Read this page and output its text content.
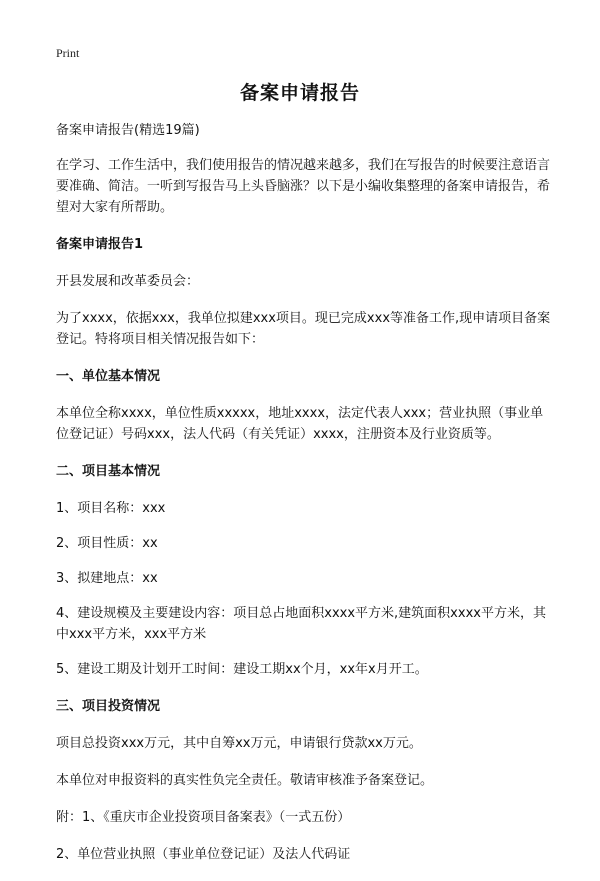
Print
备案申请报告

备案申请报告(精选19篇)

在学习、工作生活中，我们使用报告的情况越来越多，我们在写报告的时候要注意语言要准确、简洁。一听到写报告马上头昏脑涨？以下是小编收集整理的备案申请报告，希望对大家有所帮助。

备案申请报告1

开县发展和改革委员会：

为了xxxx，依据xxx，我单位拟建xxx项目。现已完成xxx等准备工作,现申请项目备案登记。特将项目相关情况报告如下：

一、单位基本情况

本单位全称xxxx，单位性质xxxxx，地址xxxx，法定代表人xxx；营业执照（事业单位登记证）号码xxx，法人代码（有关凭证）xxxx，注册资本及行业资质等。

二、项目基本情况

1、项目名称：xxx

2、项目性质：xx

3、拟建地点：xx

4、建设规模及主要建设内容：项目总占地面积xxxx平方米,建筑面积xxxx平方米，其中xxx平方米，xxx平方米

5、建设工期及计划开工时间：建设工期xx个月，xx年x月开工。

三、项目投资情况

项目总投资xxx万元，其中自筹xx万元，申请银行贷款xx万元。

本单位对申报资料的真实性负完全责任。敬请审核准予备案登记。

附：1、《重庆市企业投资项目备案表》（一式五份）

2、单位营业执照（事业单位登记证）及法人代码证
